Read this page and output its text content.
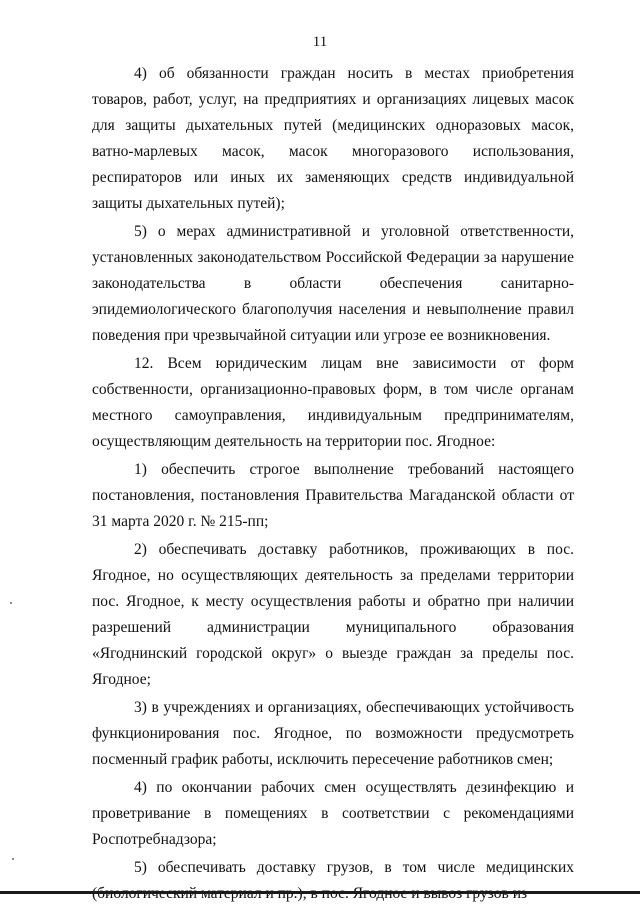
11

4) об обязанности граждан носить в местах приобретения товаров, работ, услуг, на предприятиях и организациях лицевых масок для защиты дыхательных путей (медицинских одноразовых масок, ватно-марлевых масок, масок многоразового использования, респираторов или иных их заменяющих средств индивидуальной защиты дыхательных путей);

5) о мерах административной и уголовной ответственности, установленных законодательством Российской Федерации за нарушение законодательства в области обеспечения санитарно-эпидемиологического благополучия населения и невыполнение правил поведения при чрезвычайной ситуации или угрозе ее возникновения.

12. Всем юридическим лицам вне зависимости от форм собственности, организационно-правовых форм, в том числе органам местного самоуправления, индивидуальным предпринимателям, осуществляющим деятельность на территории пос. Ягодное:

1) обеспечить строгое выполнение требований настоящего постановления, постановления Правительства Магаданской области от 31 марта 2020 г. № 215-пп;

2) обеспечивать доставку работников, проживающих в пос. Ягодное, но осуществляющих деятельность за пределами территории пос. Ягодное, к месту осуществления работы и обратно при наличии разрешений администрации муниципального образования «Ягоднинский городской округ» о выезде граждан за пределы пос. Ягодное;

3) в учреждениях и организациях, обеспечивающих устойчивость функционирования пос. Ягодное, по возможности предусмотреть посменный график работы, исключить пересечение работников смен;

4) по окончании рабочих смен осуществлять дезинфекцию и проветривание в помещениях в соответствии с рекомендациями Роспотребнадзора;

5) обеспечивать доставку грузов, в том числе медицинских
